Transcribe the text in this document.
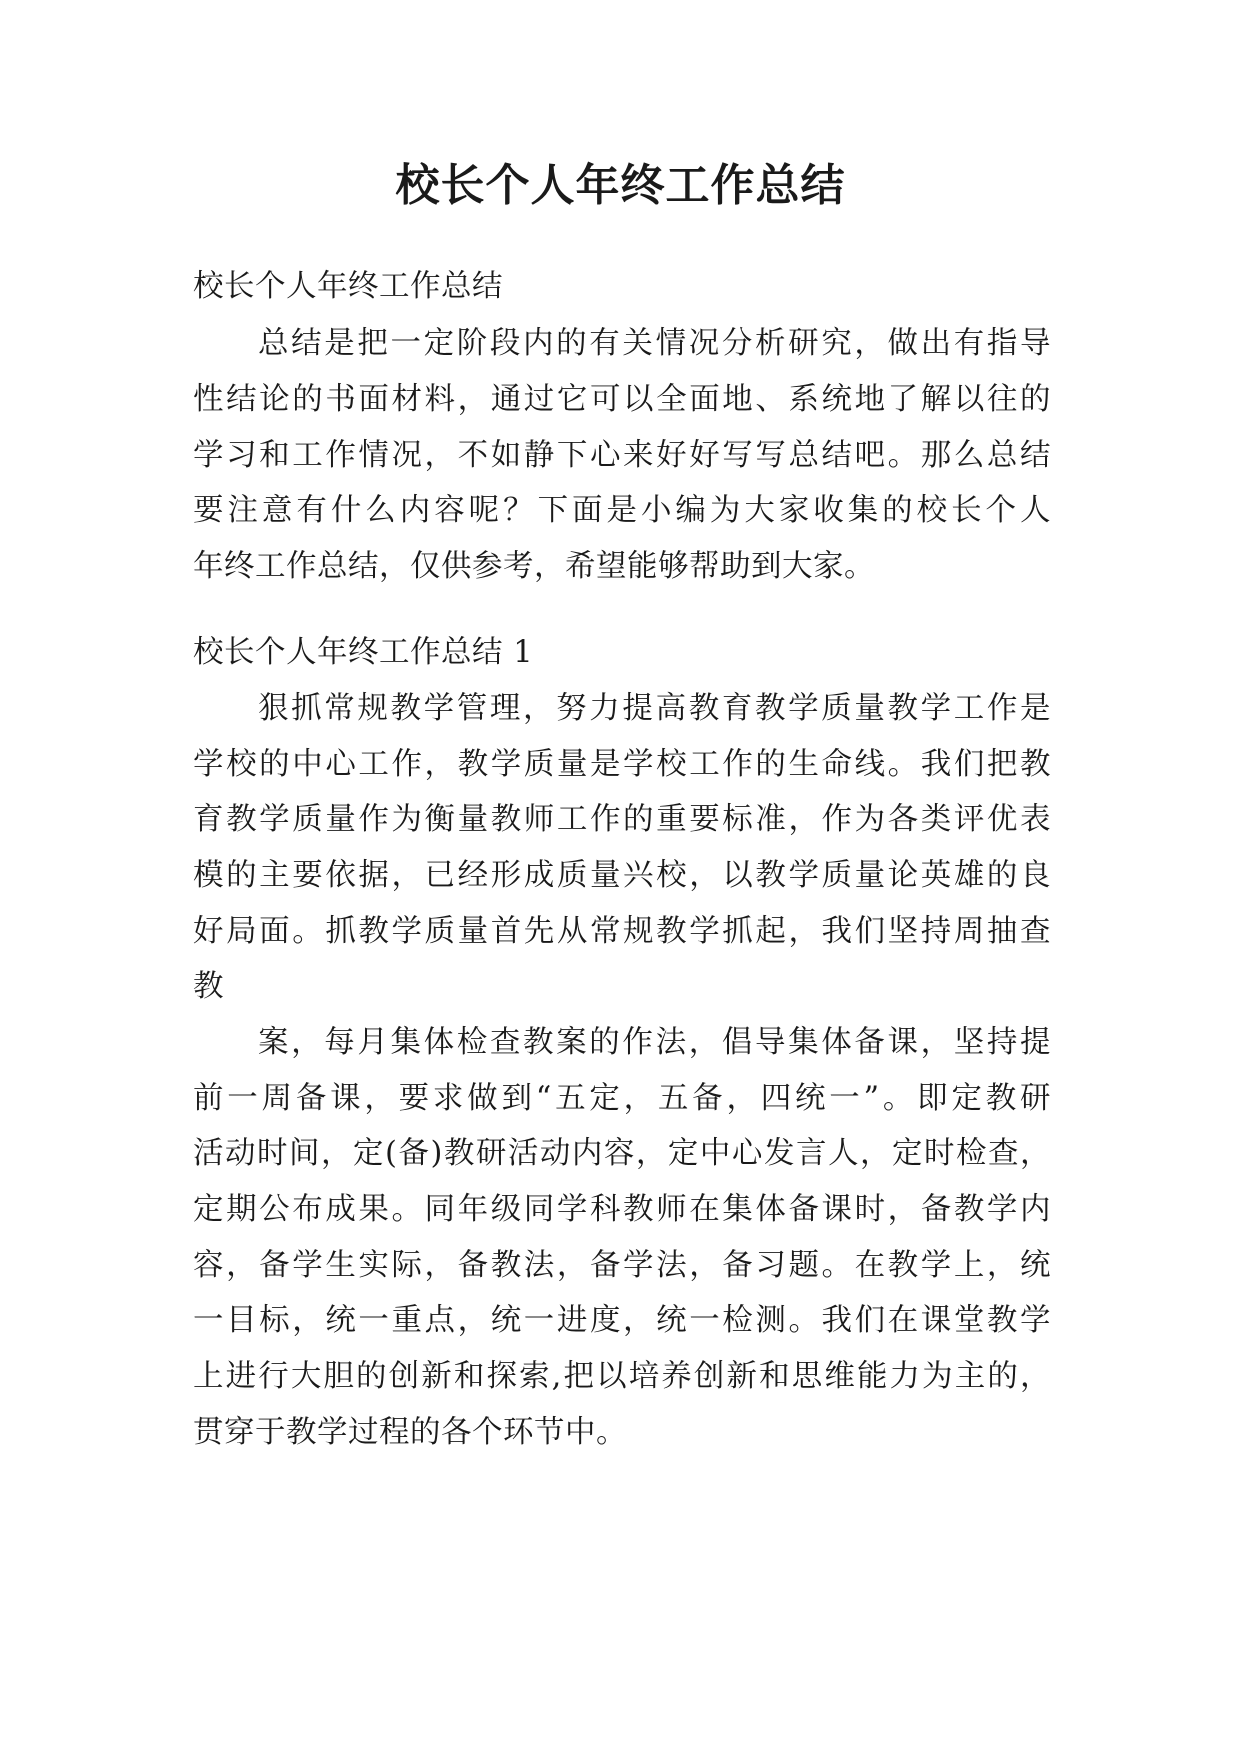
校长个人年终工作总结
校长个人年终工作总结
总结是把一定阶段内的有关情况分析研究，做出有指导
性结论的书面材料，通过它可以全面地、系统地了解以往的
学习和工作情况，不如静下心来好好写写总结吧。那么总结
要注意有什么内容呢？下面是小编为大家收集的校长个人
年终工作总结，仅供参考，希望能够帮助到大家。
校长个人年终工作总结 1
狠抓常规教学管理，努力提高教育教学质量教学工作是
学校的中心工作，教学质量是学校工作的生命线。我们把教
育教学质量作为衡量教师工作的重要标准，作为各类评优表
模的主要依据，已经形成质量兴校，以教学质量论英雄的良
好局面。抓教学质量首先从常规教学抓起，我们坚持周抽查
教
案，每月集体检查教案的作法，倡导集体备课，坚持提
前一周备课，要求做到“五定，五备，四统一”。即定教研
活动时间，定(备)教研活动内容，定中心发言人，定时检查，
定期公布成果。同年级同学科教师在集体备课时，备教学内
容，备学生实际，备教法，备学法，备习题。在教学上，统
一目标，统一重点，统一进度，统一检测。我们在课堂教学
上进行大胆的创新和探索,把以培养创新和思维能力为主的，
贯穿于教学过程的各个环节中。
